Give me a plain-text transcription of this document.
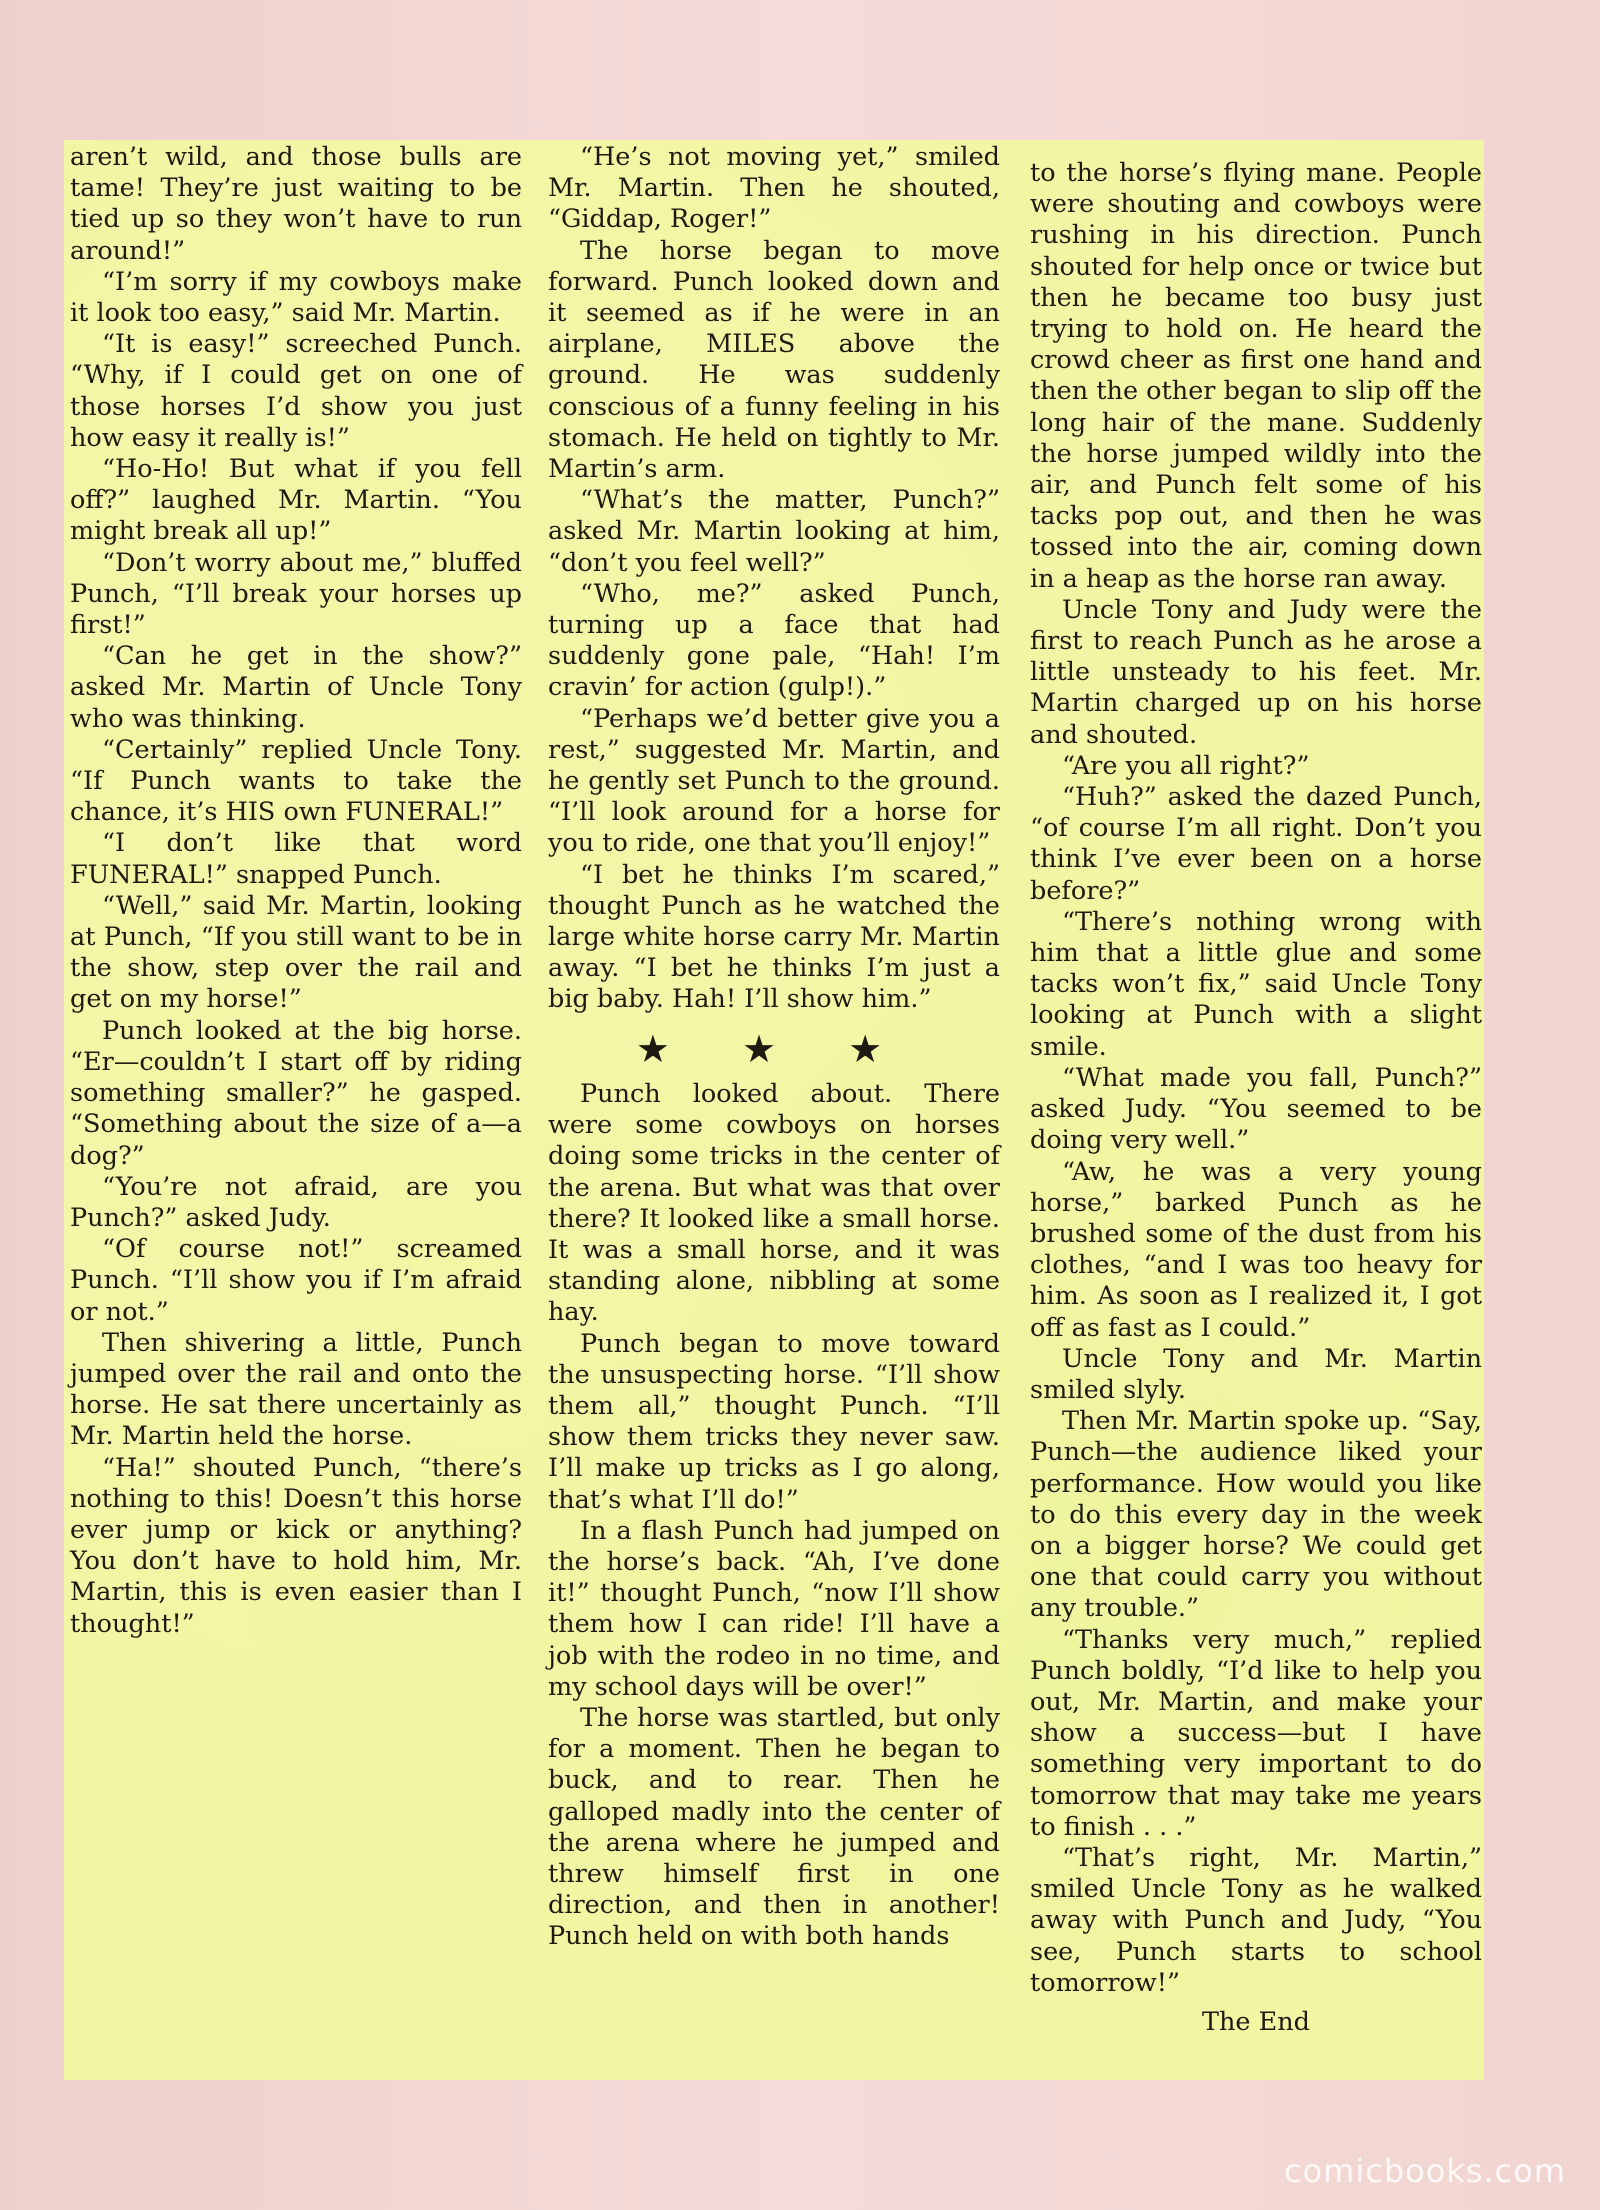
aren’t wild, and those bulls are tame! They’re just waiting to be tied up so they won’t have to run around!”

“I’m sorry if my cowboys make it look too easy,” said Mr. Martin.

“It is easy!” screeched Punch. “Why, if I could get on one of those horses I’d show you just how easy it really is!”

“Ho-Ho! But what if you fell off?” laughed Mr. Martin. “You might break all up!”

“Don’t worry about me,” bluffed Punch, “I’ll break your horses up first!”

“Can he get in the show?” asked Mr. Martin of Uncle Tony who was thinking.

“Certainly” replied Uncle Tony. “If Punch wants to take the chance, it’s HIS own FUNERAL!”

“I don’t like that word FUNERAL!” snapped Punch.

“Well,” said Mr. Martin, looking at Punch, “If you still want to be in the show, step over the rail and get on my horse!”

Punch looked at the big horse. “Er—couldn’t I start off by riding something smaller?” he gasped. “Something about the size of a—a dog?”

“You’re not afraid, are you Punch?” asked Judy.

“Of course not!” screamed Punch. “I’ll show you if I’m afraid or not.”

Then shivering a little, Punch jumped over the rail and onto the horse. He sat there uncertainly as Mr. Martin held the horse.

“Ha!” shouted Punch, “there’s nothing to this! Doesn’t this horse ever jump or kick or anything? You don’t have to hold him, Mr. Martin, this is even easier than I thought!”

“He’s not moving yet,” smiled Mr. Martin. Then he shouted, “Giddap, Roger!”

The horse began to move forward. Punch looked down and it seemed as if he were in an airplane, MILES above the ground. He was suddenly conscious of a funny feeling in his stomach. He held on tightly to Mr. Martin’s arm.

“What’s the matter, Punch?” asked Mr. Martin looking at him, “don’t you feel well?”

“Who, me?” asked Punch, turning up a face that had suddenly gone pale, “Hah! I’m cravin’ for action (gulp!).”

“Perhaps we’d better give you a rest,” suggested Mr. Martin, and he gently set Punch to the ground. “I’ll look around for a horse for you to ride, one that you’ll enjoy!”

“I bet he thinks I’m scared,” thought Punch as he watched the large white horse carry Mr. Martin away. “I bet he thinks I’m just a big baby. Hah! I’ll show him.”

★ ★ ★

Punch looked about. There were some cowboys on horses doing some tricks in the center of the arena. But what was that over there? It looked like a small horse. It was a small horse, and it was standing alone, nibbling at some hay.

Punch began to move toward the unsuspecting horse. “I’ll show them all,” thought Punch. “I’ll show them tricks they never saw. I’ll make up tricks as I go along, that’s what I’ll do!”

In a flash Punch had jumped on the horse’s back. “Ah, I’ve done it!” thought Punch, “now I’ll show them how I can ride! I’ll have a job with the rodeo in no time, and my school days will be over!”

The horse was startled, but only for a moment. Then he began to buck, and to rear. Then he galloped madly into the center of the arena where he jumped and threw himself first in one direction, and then in another! Punch held on with both hands

to the horse’s flying mane. People were shouting and cowboys were rushing in his direction. Punch shouted for help once or twice but then he became too busy just trying to hold on. He heard the crowd cheer as first one hand and then the other began to slip off the long hair of the mane. Suddenly the horse jumped wildly into the air, and Punch felt some of his tacks pop out, and then he was tossed into the air, coming down in a heap as the horse ran away.

Uncle Tony and Judy were the first to reach Punch as he arose a little unsteady to his feet. Mr. Martin charged up on his horse and shouted.

“Are you all right?”

“Huh?” asked the dazed Punch, “of course I’m all right. Don’t you think I’ve ever been on a horse before?”

“There’s nothing wrong with him that a little glue and some tacks won’t fix,” said Uncle Tony looking at Punch with a slight smile.

“What made you fall, Punch?” asked Judy. “You seemed to be doing very well.”

“Aw, he was a very young horse,” barked Punch as he brushed some of the dust from his clothes, “and I was too heavy for him. As soon as I realized it, I got off as fast as I could.”

Uncle Tony and Mr. Martin smiled slyly.

Then Mr. Martin spoke up. “Say, Punch—the audience liked your performance. How would you like to do this every day in the week on a bigger horse? We could get one that could carry you without any trouble.”

“Thanks very much,” replied Punch boldly, “I’d like to help you out, Mr. Martin, and make your show a success—but I have something very important to do tomorrow that may take me years to finish . . .”

“That’s right, Mr. Martin,” smiled Uncle Tony as he walked away with Punch and Judy, “You see, Punch starts to school tomorrow!”

The End

comicbooks.com
